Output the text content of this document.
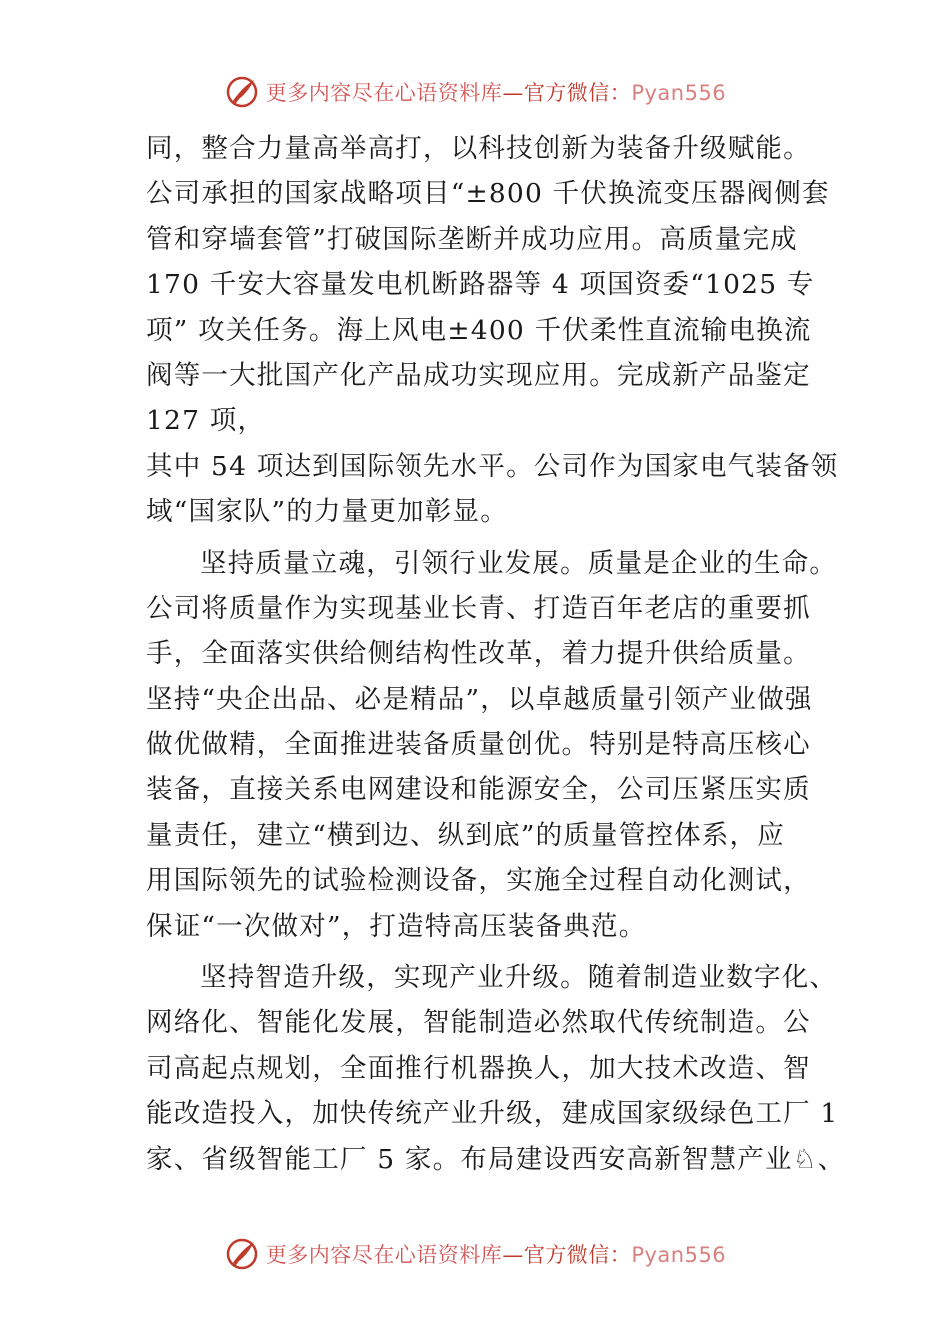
更多内容尽在心语资料库—官方微信：Pyan556
同，整合力量高举高打，以科技创新为装备升级赋能。
公司承担的国家战略项目“±800 千伏换流变压器阀侧套
管和穿墙套管”打破国际垄断并成功应用。高质量完成
170 千安大容量发电机断路器等 4 项国资委“1025 专
项” 攻关任务。海上风电±400 千伏柔性直流输电换流
阀等一大批国产化产品成功实现应用。完成新产品鉴定
127 项，
其中 54 项达到国际领先水平。公司作为国家电气装备领
域“国家队”的力量更加彰显。
坚持质量立魂，引领行业发展。质量是企业的生命。
公司将质量作为实现基业长青、打造百年老店的重要抓
手，全面落实供给侧结构性改革，着力提升供给质量。
坚持“央企出品、必是精品”，以卓越质量引领产业做强
做优做精，全面推进装备质量创优。特别是特高压核心
装备，直接关系电网建设和能源安全，公司压紧压实质
量责任，建立“横到边、纵到底”的质量管控体系，应
用国际领先的试验检测设备，实施全过程自动化测试，
保证“一次做对”，打造特高压装备典范。
坚持智造升级，实现产业升级。随着制造业数字化、
网络化、智能化发展，智能制造必然取代传统制造。公
司高起点规划，全面推行机器换人，加大技术改造、智
能改造投入，加快传统产业升级，建成国家级绿色工厂 1
家、省级智能工厂 5 家。布局建设西安高新智慧产业♘、
更多内容尽在心语资料库—官方微信：Pyan556
